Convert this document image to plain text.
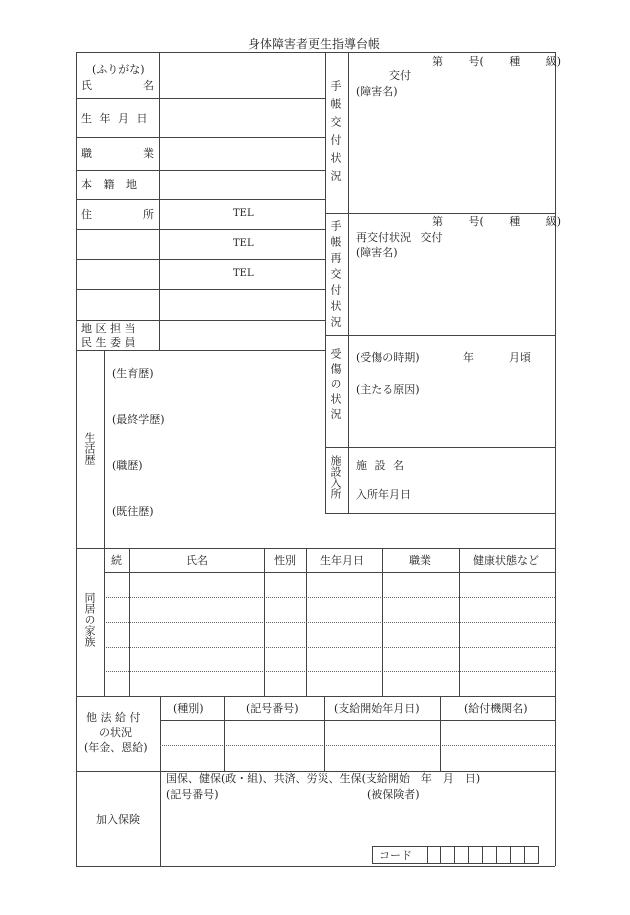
身体障害者更生指導台帳
(ふりがな)
氏	名
生 年 月 日
職	業
本 籍 地
住	所	TEL
TEL
TEL
地 区 担 当
民 生 委 員
生活歴
(生育歴)
(最終学歴)
(職歴)
(既往歴)
手帳交付状況
第 号( 種 級)
交付
(障害名)
手帳再交付状況	第 号( 種 級)
再交付状況 交付
(障害名)
受傷の状況 (受傷の時期)	年	月頃
(主たる原因)
施設入所 施 設 名
入所年月日
同居の家族
続	氏名	性別 生年月日	職業	健康状態など
他 法 給 付
の状況
(年金、恩給)
(種別)	(記号番号)	(支給開始年月日)	(給付機関名)
加入保険
国保、健保(政・組)、共済、労災、生保(支給開始　年　月　日)
(記号番号)	(被保険者)
コード
